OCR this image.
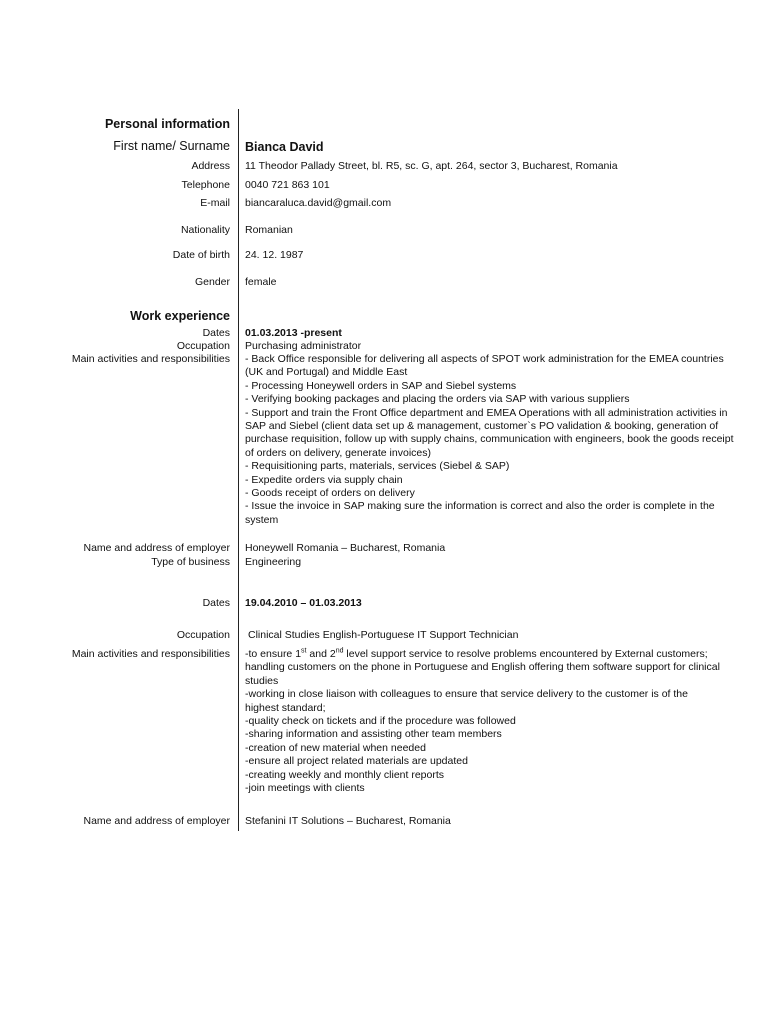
Personal information
First name/ Surname Bianca David
Address 11 Theodor Pallady Street, bl. R5, sc. G, apt. 264, sector 3, Bucharest, Romania
Telephone 0040 721 863 101
E-mail biancaraluca.david@gmail.com
Nationality Romanian
Date of birth 24. 12. 1987
Gender female
Work experience
Dates 01.03.2013 -present
Occupation Purchasing administrator
Main activities and responsibilities - Back Office responsible for delivering all aspects of SPOT work administration for the EMEA countries
(UK and Portugal) and Middle East
- Processing Honeywell orders in SAP and Siebel systems
- Verifying booking packages and placing the orders via SAP with various suppliers
- Support and train the Front Office department and EMEA Operations with all administration activities in
SAP and Siebel (client data set up & management, customer`s PO validation & booking, generation of
purchase requisition, follow up with supply chains, communication with engineers, book the goods receipt
of orders on delivery, generate invoices)
- Requisitioning parts, materials, services (Siebel & SAP)
- Expedite orders via supply chain
- Goods receipt of orders on delivery
- Issue the invoice in SAP making sure the information is correct and also the order is complete in the
system
Name and address of employer Honeywell Romania – Bucharest, Romania
Type of business Engineering
Dates 19.04.2010 – 01.03.2013
Occupation Clinical Studies English-Portuguese IT Support Technician
Main activities and responsibilities -to ensure 1st and 2nd level support service to resolve problems encountered by External customers;
handling customers on the phone in Portuguese and English offering them software support for clinical
studies
-working in close liaison with colleagues to ensure that service delivery to the customer is of the
highest standard;
-quality check on tickets and if the procedure was followed
-sharing information and assisting other team members
-creation of new material when needed
-ensure all project related materials are updated
-creating weekly and monthly client reports
-join meetings with clients
Name and address of employer Stefanini IT Solutions – Bucharest, Romania
